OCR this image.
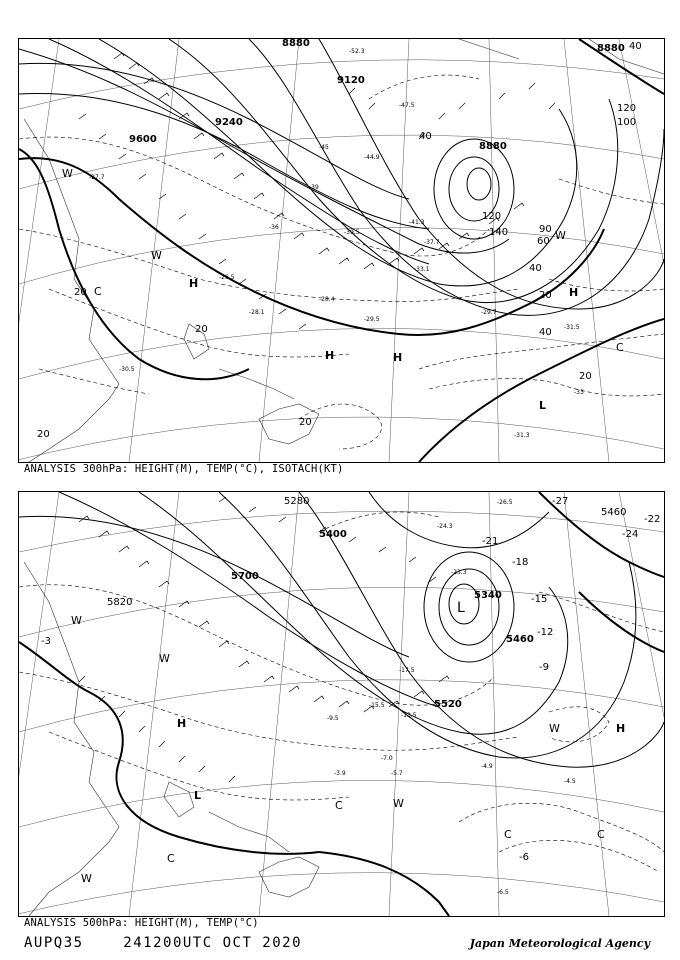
8880
9120
9240
9600
8880
8880 40
120
100
120
140
60
90
40
20
40
20
20
20
20
40
20
-52.3
-47.5
-44.9
-41.3
-39.5
-37.7
-33.1
-31.5
-29.7
-29.5
-28.4
-28.1
-27.7
-26.5
-30.5
-31.3
-33
-39
-36
-45
H
H	H
H
L
C
C
W
W
W
ANALYSIS 300hPa: HEIGHT(M), TEMP(°C), ISOTACH(KT)
5340
5400
5460
5520
5700
5820
5460
5280	-26.5
-24.3
-23.3
-21
-27
-24
-22
-18
-15
-12
-9
-6
-3
-4.9
-4.5
-6.5
-5.7
-3.9
-7.0
-15.5
-13.5
-17.5
-9.5
L
L
H	H
C
C
C	C
W
W
W
W
W
ANALYSIS 500hPa: HEIGHT(M), TEMP(°C)
AUPQ35	241200UTC OCT 2020	Japan Meteorological Agency
